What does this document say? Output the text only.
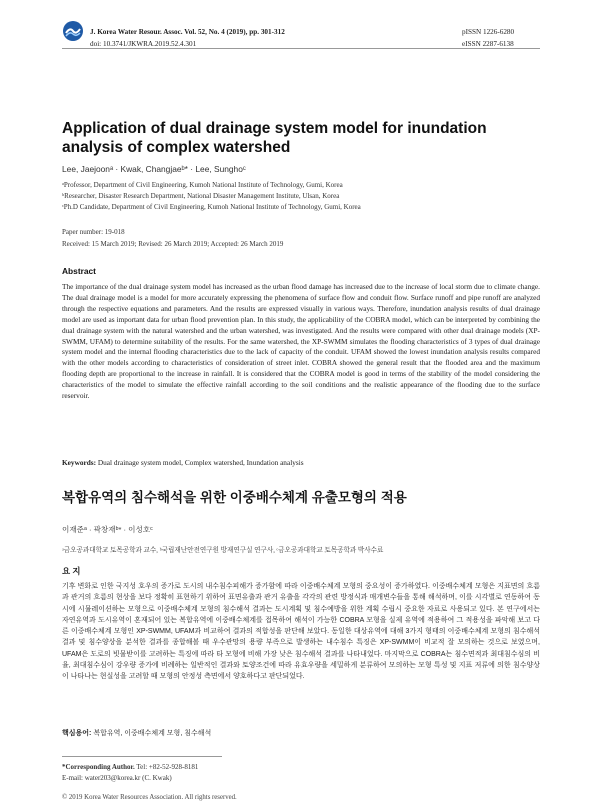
J. Korea Water Resour. Assoc. Vol. 52, No. 4 (2019), pp. 301-312
doi: 10.3741/JKWRA.2019.52.4.301
pISSN 1226-6280
eISSN 2287-6138
Application of dual drainage system model for inundation analysis of complex watershed
Lee, Jaejoonᵃ · Kwak, Changjaeᵇ* · Lee, Sunghoᶜ
ᵃProfessor, Department of Civil Engineering, Kumoh National Institute of Technology, Gumi, Korea
ᵇResearcher, Disaster Research Department, National Disaster Management Institute, Ulsan, Korea
ᶜPh.D Candidate, Department of Civil Engineering, Kumoh National Institute of Technology, Gumi, Korea
Paper number: 19-018
Received: 15 March 2019; Revised: 26 March 2019; Accepted: 26 March 2019
Abstract
The importance of the dual drainage system model has increased as the urban flood damage has increased due to the increase of local storm due to climate change. The dual drainage model is a model for more accurately expressing the phenomena of surface flow and conduit flow. Surface runoff and pipe runoff are analyzed through the respective equations and parameters. And the results are expressed visually in various ways. Therefore, inundation analysis results of dual drainage model are used as important data for urban flood prevention plan. In this study, the applicability of the COBRA model, which can be interpreted by combining the dual drainage system with the natural watershed and the urban watershed, was investigated. And the results were compared with other dual drainage models (XP-SWMM, UFAM) to determine suitability of the results. For the same watershed, the XP-SWMM simulates the flooding characteristics of 3 types of dual drainage system model and the internal flooding characteristics due to the lack of capacity of the conduit. UFAM showed the lowest inundation analysis results compared with the other models according to characteristics of consideration of street inlet. COBRA showed the general result that the flooded area and the maximum flooding depth are proportional to the increase in rainfall. It is considered that the COBRA model is good in terms of the stability of the model considering the characteristics of the model to simulate the effective rainfall according to the soil conditions and the realistic appearance of the flooding due to the surface reservoir.
Keywords: Dual drainage system model, Complex watershed, Inundation analysis
복합유역의 침수해석을 위한 이중배수체계 유출모형의 적용
이재준ᵃ · 곽창재ᵇ* · 이성호ᶜ
ᵃ금오공과대학교 토목공학과 교수, ᵇ국립재난안전연구원 방재연구실 연구사, ᶜ금오공과대학교 토목공학과 박사수료
요 지
기후 변화로 인한 국지성 호우의 증가로 도시의 내수침수피해가 증가함에 따라 이중배수체계 모형의 중요성이 증가하였다. 이중배수체계 모형은 지표면의 흐름과 관거의 흐름의 현상을 보다 정확히 표현하기 위하여 표면유출과 관거 유출을 각각의 관련 방정식과 매개변수들을 통해 해석하며, 이를 시각별로 연동하여 동시에 시뮬레이션하는 모형으로 이중배수체계 모형의 침수해석 결과는 도시계획 및 침수예방을 위한 계획 수립시 중요한 자료로 사용되고 있다. 본 연구에서는 자연유역과 도시유역이 혼재되어 있는 복합유역에 이중배수체계를 접목하여 해석이 가능한 COBRA 모형을 실제 유역에 적용하여 그 적용성을 파악해 보고 다른 이중배수체계 모형인 XP-SWMM, UFAM과 비교하여 결과의 적합성을 판단해 보았다. 동일한 대상유역에 대해 3가지 형태의 이중배수체계 모형의 침수해석 결과 및 침수양상을 분석한 결과를 종합해볼 때 우수관망의 용량 부족으로 발생하는 내수침수 특징은 XP-SWMM이 비교적 잘 모의하는 것으로 보였으며, UFAM은 도로의 빗물받이를 고려하는 특징에 따라 타 모형에 비해 가장 낮은 침수해석 결과를 나타내었다. 마지막으로 COBRA는 침수면적과 최대침수심의 비율, 최대침수심이 강우량 증가에 비례하는 일반적인 결과와 토양조건에 따라 유효우량을 세밀하게 분류하여 모의하는 모형 특성 및 지표 저류에 의한 침수양상이 나타나는 현실성을 고려할 때 모형의 안정성 측면에서 양호하다고 판단되었다.
핵심용어: 복합유역, 이중배수체계 모형, 침수해석
*Corresponding Author. Tel: +82-52-928-8181
E-mail: water203@korea.kr (C. Kwak)
© 2019 Korea Water Resources Association. All rights reserved.
